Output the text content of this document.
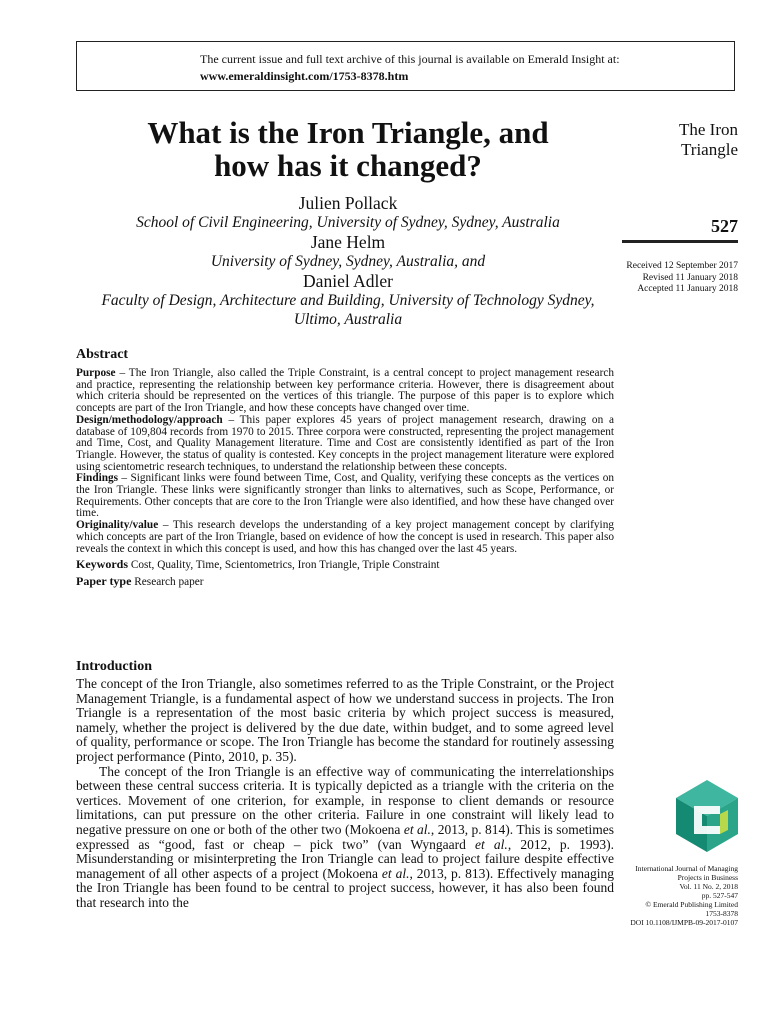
The current issue and full text archive of this journal is available on Emerald Insight at:
www.emeraldinsight.com/1753-8378.htm
What is the Iron Triangle, and
how has it changed?
Julien Pollack
School of Civil Engineering, University of Sydney, Sydney, Australia
Jane Helm
University of Sydney, Sydney, Australia, and
Daniel Adler
Faculty of Design, Architecture and Building, University of Technology Sydney,
Ultimo, Australia
The Iron
Triangle
527
Received 12 September 2017
Revised 11 January 2018
Accepted 11 January 2018
Abstract

Purpose – The Iron Triangle, also called the Triple Constraint, is a central concept to project management research and practice, representing the relationship between key performance criteria. However, there is disagreement about which criteria should be represented on the vertices of this triangle. The purpose of this paper is to explore which concepts are part of the Iron Triangle, and how these concepts have changed over time.

Design/methodology/approach – This paper explores 45 years of project management research, drawing on a database of 109,804 records from 1970 to 2015. Three corpora were constructed, representing the project management and Time, Cost, and Quality Management literature. Time and Cost are consistently identified as part of the Iron Triangle. However, the status of quality is contested. Key concepts in the project management literature were explored using scientometric research techniques, to understand the relationship between these concepts.

Findings – Significant links were found between Time, Cost, and Quality, verifying these concepts as the vertices on the Iron Triangle. These links were significantly stronger than links to alternatives, such as Scope, Performance, or Requirements. Other concepts that are core to the Iron Triangle were also identified, and how these have changed over time.

Originality/value – This research develops the understanding of a key project management concept by clarifying which concepts are part of the Iron Triangle, based on evidence of how the concept is used in research. This paper also reveals the context in which this concept is used, and how this has changed over the last 45 years.

Keywords Cost, Quality, Time, Scientometrics, Iron Triangle, Triple Constraint

Paper type Research paper

Introduction

The concept of the Iron Triangle, also sometimes referred to as the Triple Constraint, or the Project Management Triangle, is a fundamental aspect of how we understand success in projects. The Iron Triangle is a representation of the most basic criteria by which project success is measured, namely, whether the project is delivered by the due date, within budget, and to some agreed level of quality, performance or scope. The Iron Triangle has become the standard for routinely assessing project performance (Pinto, 2010, p. 35).

The concept of the Iron Triangle is an effective way of communicating the interrelationships between these central success criteria. It is typically depicted as a triangle with the criteria on the vertices. Movement of one criterion, for example, in response to client demands or resource limitations, can put pressure on the other criteria. Failure in one constraint will likely lead to negative pressure on one or both of the other two (Mokoena et al., 2013, p. 814). This is sometimes expressed as “good, fast or cheap – pick two” (van Wyngaard et al., 2012, p. 1993). Misunderstanding or misinterpreting the Iron Triangle can lead to project failure despite effective management of all other aspects of a project (Mokoena et al., 2013, p. 813). Effectively managing the Iron Triangle has been found to be central to project success, however, it has also been found that research into the

International Journal of Managing
Projects in Business
Vol. 11 No. 2, 2018
pp. 527-547
© Emerald Publishing Limited
1753-8378
DOI 10.1108/IJMPB-09-2017-0107
